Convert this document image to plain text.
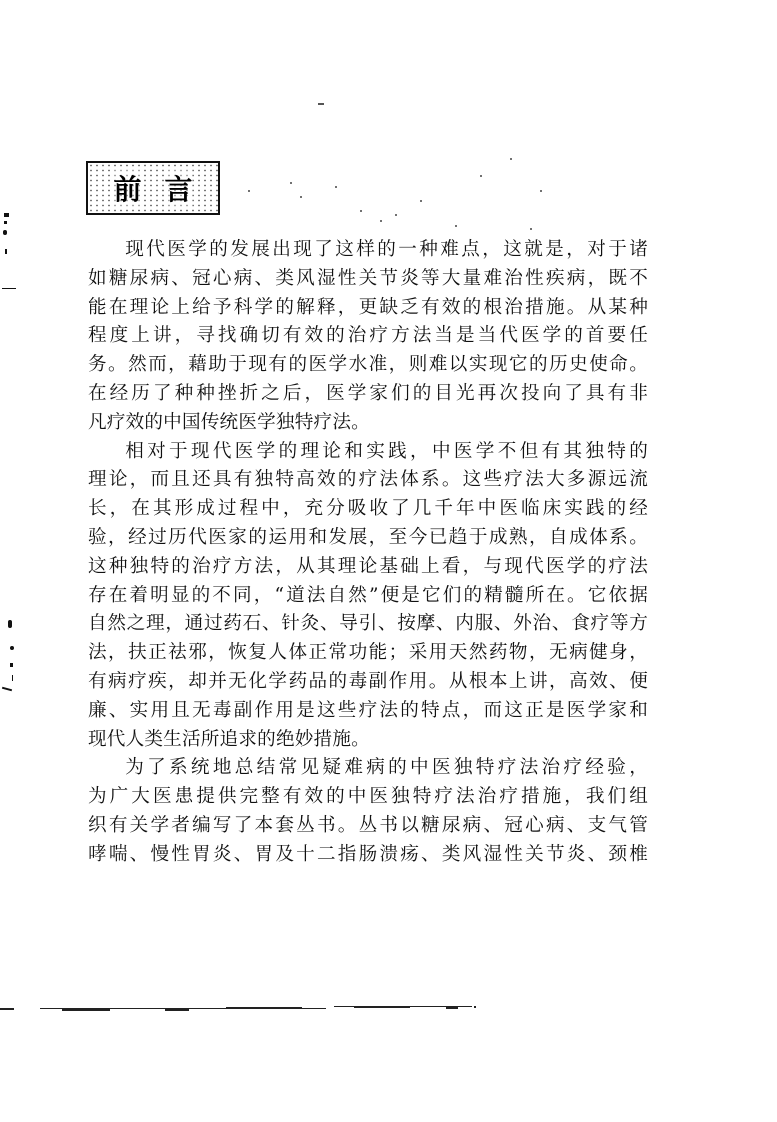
前 言

现代医学的发展出现了这样的一种难点，这就是，对于诸
如糖尿病、冠心病、类风湿性关节炎等大量难治性疾病，既不
能在理论上给予科学的解释，更缺乏有效的根治措施。从某种
程度上讲，寻找确切有效的治疗方法当是当代医学的首要任
务。然而，藉助于现有的医学水准，则难以实现它的历史使命。
在经历了种种挫折之后，医学家们的目光再次投向了具有非
凡疗效的中国传统医学独特疗法。

相对于现代医学的理论和实践，中医学不但有其独特的
理论，而且还具有独特高效的疗法体系。这些疗法大多源远流
长，在其形成过程中，充分吸收了几千年中医临床实践的经
验，经过历代医家的运用和发展，至今已趋于成熟，自成体系。
这种独特的治疗方法，从其理论基础上看，与现代医学的疗法
存在着明显的不同，“道法自然”便是它们的精髓所在。它依据
自然之理，通过药石、针灸、导引、按摩、内服、外治、食疗等方
法，扶正祛邪，恢复人体正常功能；采用天然药物，无病健身，
有病疗疾，却并无化学药品的毒副作用。从根本上讲，高效、便
廉、实用且无毒副作用是这些疗法的特点，而这正是医学家和
现代人类生活所追求的绝妙措施。

为了系统地总结常见疑难病的中医独特疗法治疗经验，
为广大医患提供完整有效的中医独特疗法治疗措施，我们组
织有关学者编写了本套丛书。丛书以糖尿病、冠心病、支气管
哮喘、慢性胃炎、胃及十二指肠溃疡、类风湿性关节炎、颈椎
